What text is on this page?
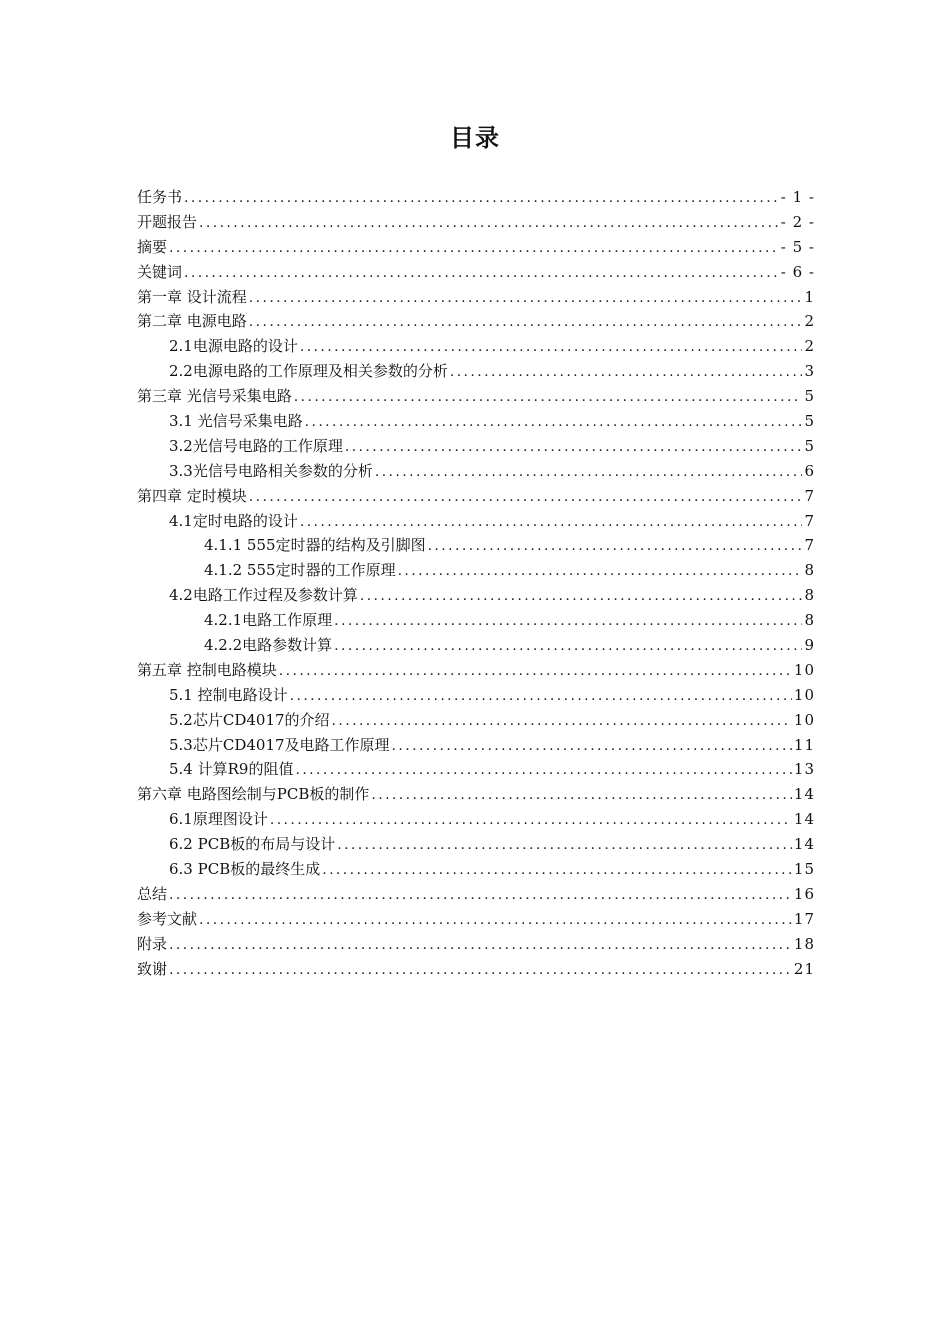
目录
任务书 .....	- 1 -
开题报告 .....	- 2 -
摘要 .....	- 5 -
关键词 .....	- 6 -
第一章 设计流程 .....	1
第二章 电源电路 .....	2
2.1电源电路的设计 .....	2
2.2电源电路的工作原理及相关参数的分析 .....	3
第三章 光信号采集电路 .....	5
3.1 光信号采集电路 .....	5
3.2光信号电路的工作原理 .....	5
3.3光信号电路相关参数的分析 .....	6
第四章 定时模块 .....	7
4.1定时电路的设计 .....	7
4.1.1 555定时器的结构及引脚图 .....	7
4.1.2 555定时器的工作原理 .....	8
4.2电路工作过程及参数计算 .....	8
4.2.1电路工作原理 .....	8
4.2.2电路参数计算 .....	9
第五章 控制电路模块 .....	10
5.1 控制电路设计 .....	10
5.2芯片CD4017的介绍 .....	10
5.3芯片CD4017及电路工作原理 .....	11
5.4 计算R9的阻值 .....	13
第六章 电路图绘制与PCB板的制作 .....	14
6.1原理图设计 .....	14
6.2 PCB板的布局与设计 .....	14
6.3 PCB板的最终生成 .....	15
总结 .....	16
参考文献 .....	17
附录 .....	18
致谢 .....	21
